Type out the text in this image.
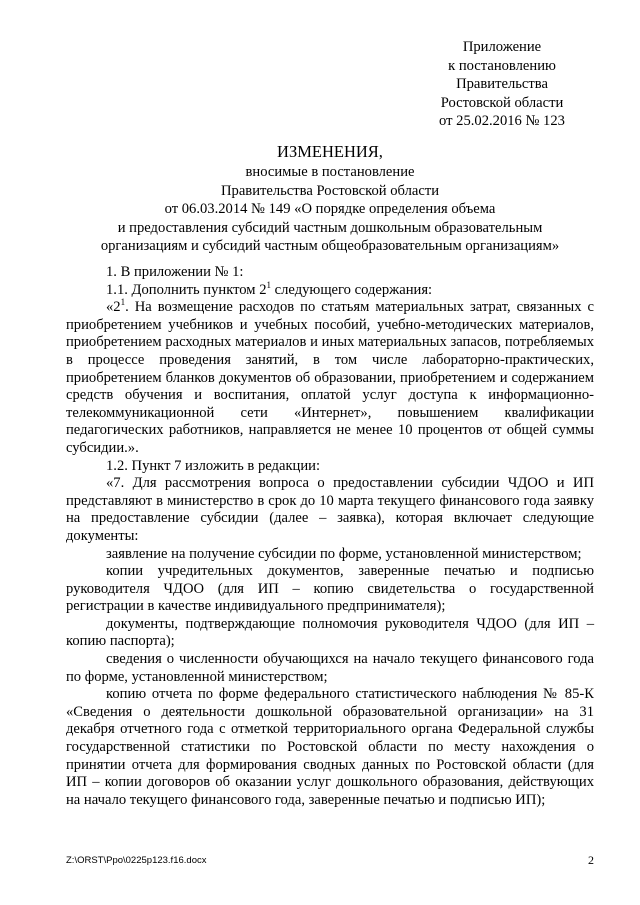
Приложение
к постановлению
Правительства
Ростовской области
от 25.02.2016 № 123
ИЗМЕНЕНИЯ,
вносимые в постановление
Правительства Ростовской области
от 06.03.2014 № 149 «О порядке определения объема
и предоставления субсидий частным дошкольным образовательным
организациям и субсидий частным общеобразовательным организациям»

1. В приложении № 1:

1.1. Дополнить пунктом $2^1$ следующего содержания:

«$2^1$. На возмещение расходов по статьям материальных затрат, связанных с приобретением учебников и учебных пособий, учебно-методических материалов, приобретением расходных материалов и иных материальных запасов, потребляемых в процессе проведения занятий, в том числе лабораторно-практических, приобретением бланков документов об образовании, приобретением и содержанием средств обучения и воспитания, оплатой услуг доступа к информационно-телекоммуникационной сети «Интернет», повышением квалификации педагогических работников, направляется не менее 10 процентов от общей суммы субсидии.».

1.2. Пункт 7 изложить в редакции:

«7. Для рассмотрения вопроса о предоставлении субсидии ЧДОО и ИП представляют в министерство в срок до 10 марта текущего финансового года заявку на предоставление субсидии (далее – заявка), которая включает следующие документы:

заявление на получение субсидии по форме, установленной министерством;

копии учредительных документов, заверенные печатью и подписью руководителя ЧДОО (для ИП – копию свидетельства о государственной регистрации в качестве индивидуального предпринимателя);

документы, подтверждающие полномочия руководителя ЧДОО (для ИП – копию паспорта);

сведения о численности обучающихся на начало текущего финансового года по форме, установленной министерством;

копию отчета по форме федерального статистического наблюдения № 85-К «Сведения о деятельности дошкольной образовательной организации» на 31 декабря отчетного года с отметкой территориального органа Федеральной службы государственной статистики по Ростовской области по месту нахождения о принятии отчета для формирования сводных данных по Ростовской области (для ИП – копии договоров об оказании услуг дошкольного образования, действующих на начало текущего финансового года, заверенные печатью и подписью ИП);

Z:\ORST\Ppo\0225p123.f16.docx	2
